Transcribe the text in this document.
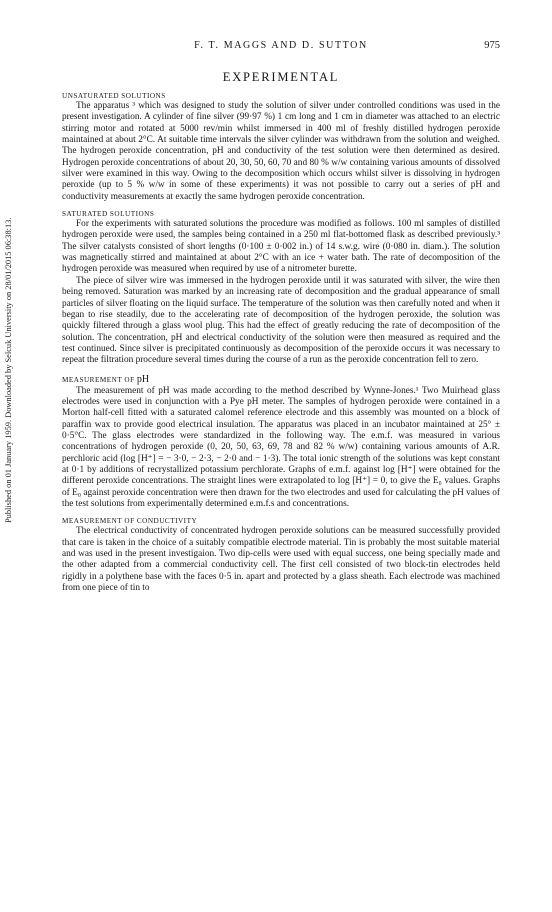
Published on 01 January 1959. Downloaded by Selcuk University on 28/01/2015 06:38:13.
F. T. MAGGS AND D. SUTTON	975
EXPERIMENTAL
UNSATURATED SOLUTIONS

The apparatus ³ which was designed to study the solution of silver under controlled conditions was used in the present investigation. A cylinder of fine silver (99·97 %) 1 cm long and 1 cm in diameter was attached to an electric stirring motor and rotated at 5000 rev/min whilst immersed in 400 ml of freshly distilled hydrogen peroxide maintained at about 2°C. At suitable time intervals the silver cylinder was withdrawn from the solution and weighed. The hydrogen peroxide concentration, pH and conductivity of the test solution were then determined as desired. Hydrogen peroxide concentrations of about 20, 30, 50, 60, 70 and 80 % w/w containing various amounts of dissolved silver were examined in this way. Owing to the decomposition which occurs whilst silver is dissolving in hydrogen peroxide (up to 5 % w/w in some of these experiments) it was not possible to carry out a series of pH and conductivity measurements at exactly the same hydrogen peroxide concentration.

SATURATED SOLUTIONS

For the experiments with saturated solutions the procedure was modified as follows. 100 ml samples of distilled hydrogen peroxide were used, the samples being contained in a 250 ml flat-bottomed flask as described previously.³ The silver catalysts consisted of short lengths (0·100 ± 0·002 in.) of 14 s.w.g. wire (0·080 in. diam.). The solution was magnetically stirred and maintained at about 2°C with an ice + water bath. The rate of decomposition of the hydrogen peroxide was measured when required by use of a nitrometer burette.

The piece of silver wire was immersed in the hydrogen peroxide until it was saturated with silver, the wire then being removed. Saturation was marked by an increasing rate of decomposition and the gradual appearance of small particles of silver floating on the liquid surface. The temperature of the solution was then carefully noted and when it began to rise steadily, due to the accelerating rate of decomposition of the hydrogen peroxide, the solution was quickly filtered through a glass wool plug. This had the effect of greatly reducing the rate of decomposition of the solution. The concentration, pH and electrical conductivity of the solution were then measured as required and the test continued. Since silver is precipitated continuously as decomposition of the peroxide occurs it was necessary to repeat the filtration procedure several times during the course of a run as the peroxide concentration fell to zero.

MEASUREMENT OF pH

The measurement of pH was made according to the method described by Wynne-Jones.¹ Two Muirhead glass electrodes were used in conjunction with a Pye pH meter. The samples of hydrogen peroxide were contained in a Morton half-cell fitted with a saturated calomel reference electrode and this assembly was mounted on a block of paraffin wax to provide good electrical insulation. The apparatus was placed in an incubator maintained at 25° ± 0·5°C. The glass electrodes were standardized in the following way. The e.m.f. was measured in various concentrations of hydrogen peroxide (0, 20, 50, 63, 69, 78 and 82 % w/w) containing various amounts of A.R. perchloric acid (log [H⁺] = − 3·0, − 2·3, − 2·0 and − 1·3). The total ionic strength of the solutions was kept constant at 0·1 by additions of recrystallized potassium perchlorate. Graphs of e.m.f. against log [H⁺] were obtained for the different peroxide concentrations. The straight lines were extrapolated to log [H⁺] = 0, to give the E₀ values. Graphs of E₀ against peroxide concentration were then drawn for the two electrodes and used for calculating the pH values of the test solutions from experimentally determined e.m.f.s and concentrations.

MEASUREMENT OF CONDUCTIVITY

The electrical conductivity of concentrated hydrogen peroxide solutions can be measured successfully provided that care is taken in the choice of a suitably compatible electrode material. Tin is probably the most suitable material and was used in the present investigaion. Two dip-cells were used with equal success, one being specially made and the other adapted from a commercial conductivity cell. The first cell consisted of two block-tin electrodes held rigidly in a polythene base with the faces 0·5 in. apart and protected by a glass sheath. Each electrode was machined from one piece of tin to
